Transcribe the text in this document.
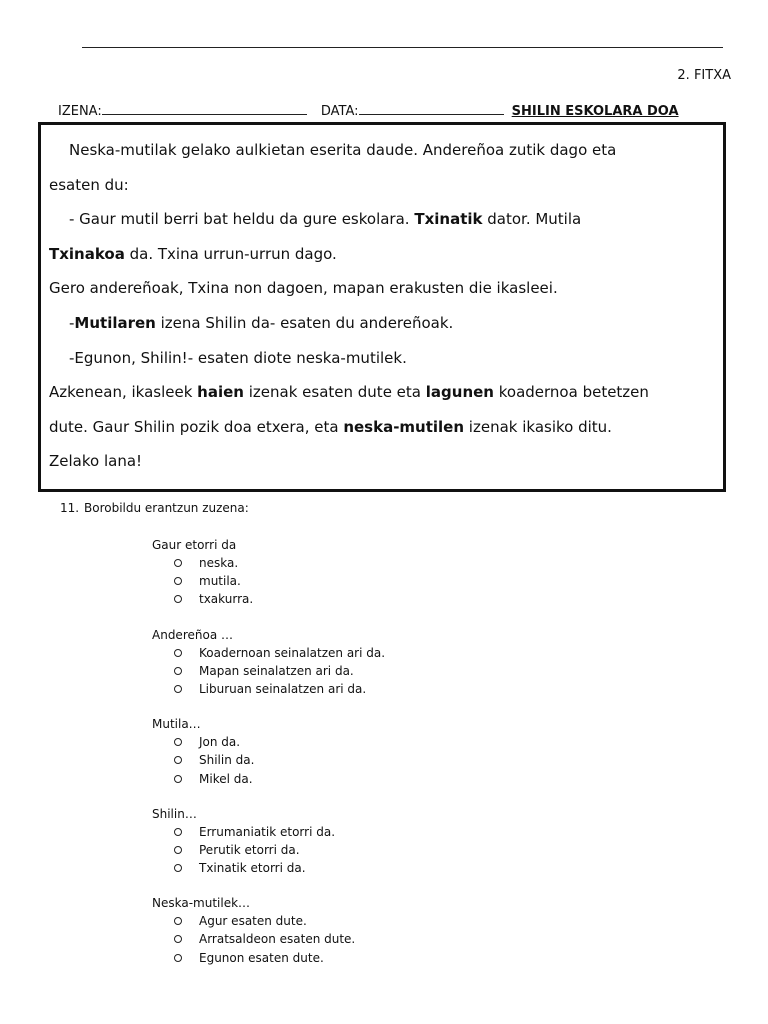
2. FITXA
IZENA:	DATA:	SHILIN ESKOLARA DOA

Neska-mutilak gelako aulkietan eserita daude. Andereñoa zutik dago eta

esaten du:

- Gaur mutil berri bat heldu da gure eskolara. Txinatik dator. Mutila

Txinakoa da. Txina urrun-urrun dago.

Gero andereñoak, Txina non dagoen, mapan erakusten die ikasleei.

-Mutilaren izena Shilin da- esaten du andereñoak.

-Egunon, Shilin!- esaten diote neska-mutilek.

Azkenean, ikasleek haien izenak esaten dute eta lagunen koadernoa betetzen

dute. Gaur Shilin pozik doa etxera, eta neska-mutilen izenak ikasiko ditu.

Zelako lana!

11. Borobildu erantzun zuzena:
Gaur etorri da
neska.
mutila.
txakurra.
Andereñoa …
Koadernoan seinalatzen ari da.
Mapan seinalatzen ari da.
Liburuan seinalatzen ari da.
Mutila…
Jon da.
Shilin da.
Mikel da.
Shilin…
Errumaniatik etorri da.
Perutik etorri da.
Txinatik etorri da.
Neska-mutilek…
Agur esaten dute.
Arratsaldeon esaten dute.
Egunon esaten dute.
